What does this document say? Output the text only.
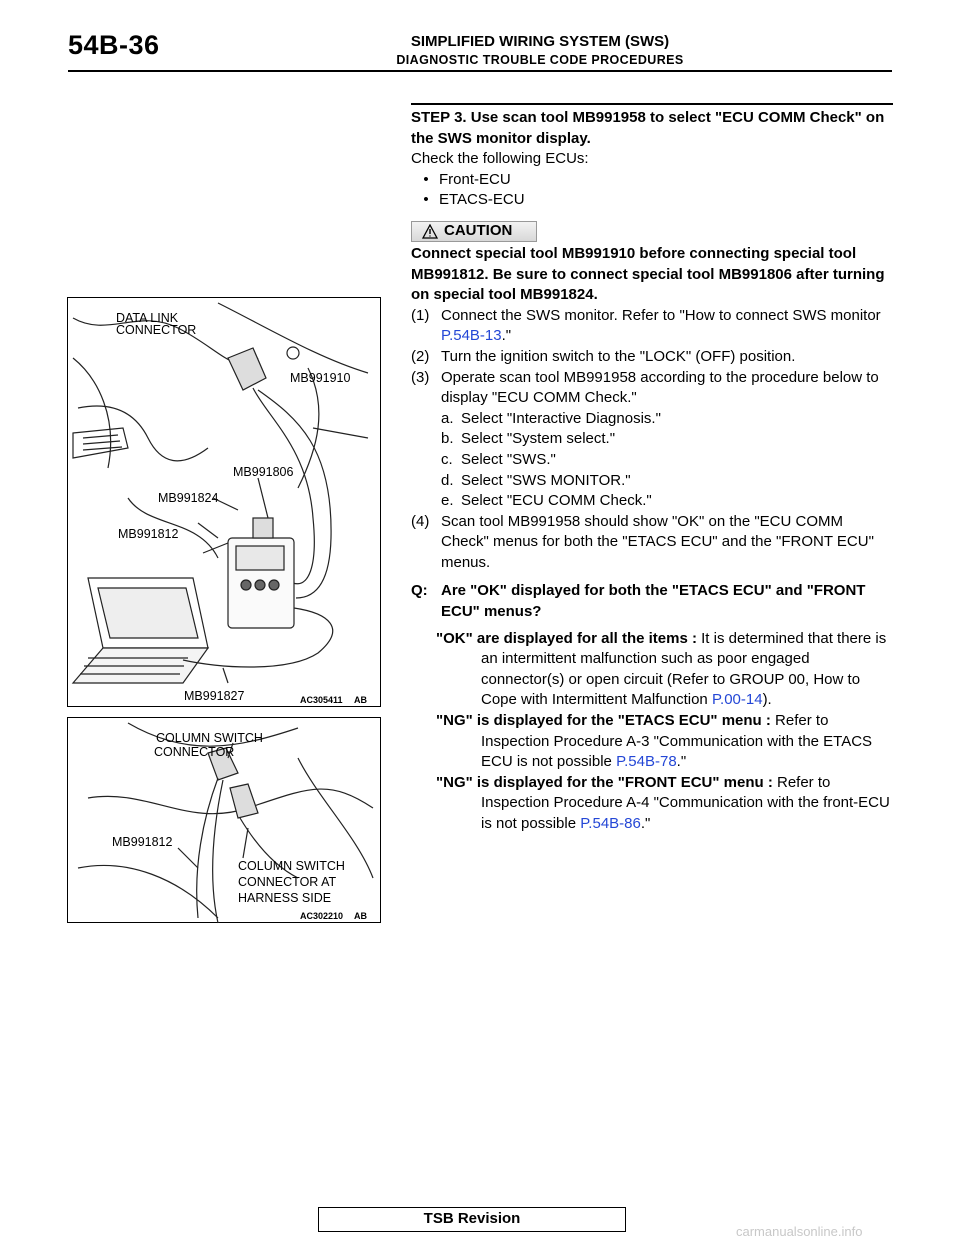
54B-36	SIMPLIFIED WIRING SYSTEM (SWS)
DIAGNOSTIC TROUBLE CODE PROCEDURES
DATA LINK
CONNECTOR
MB991910
MB991806
MB991824
MB991812
MB991827	AC305411 AB
COLUMN SWITCH
CONNECTOR
MB991812
COLUMN SWITCH
CONNECTOR AT
HARNESS SIDE
AC302210 AB
STEP 3. Use scan tool MB991958 to select "ECU COMM Check" on the SWS monitor display.
Check the following ECUs:
• Front-ECU
• ETACS-ECU
CAUTION
Connect special tool MB991910 before connecting special tool MB991812. Be sure to connect special tool MB991806 after turning on special tool MB991824.
(1) Connect the SWS monitor. Refer to "How to connect SWS monitor P.54B-13."
(2) Turn the ignition switch to the "LOCK" (OFF) position.
(3) Operate scan tool MB991958 according to the procedure below to display "ECU COMM Check."
a. Select "Interactive Diagnosis."
b. Select "System select."
c. Select "SWS."
d. Select "SWS MONITOR."
e. Select "ECU COMM Check."
(4) Scan tool MB991958 should show "OK" on the "ECU COMM Check" menus for both the "ETACS ECU" and the "FRONT ECU" menus.
Q: Are "OK" displayed for both the "ETACS ECU" and "FRONT ECU" menus?
"OK" are displayed for all the items : It is determined that there is an intermittent malfunction such as poor engaged connector(s) or open circuit (Refer to GROUP 00, How to Cope with Intermittent Malfunction P.00-14).
"NG" is displayed for the "ETACS ECU" menu : Refer to Inspection Procedure A-3 "Communication with the ETACS ECU is not possible P.54B-78."
"NG" is displayed for the "FRONT ECU" menu : Refer to Inspection Procedure A-4 "Communication with the front-ECU is not possible P.54B-86."
TSB Revision
carmanualsonline.info
